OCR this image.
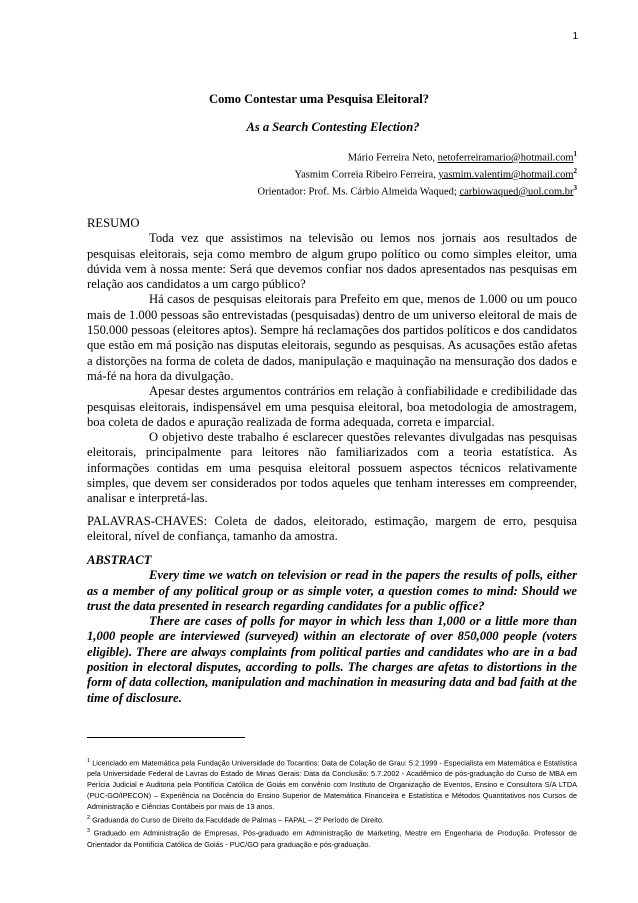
1
Como Contestar uma Pesquisa Eleitoral?
As a Search Contesting Election?
Mário Ferreira Neto, netoferreiramario@hotmail.com$^1$
Yasmim Correia Ribeiro Ferreira, yasmim.valentim@hotmail.com$^2$
Orientador: Prof. Ms. Cárbio Almeida Waqued; $carbiowaqued@uol.com.br^3$
RESUMO

Toda vez que assistimos na televisão ou lemos nos jornais aos resultados de pesquisas eleitorais, seja como membro de algum grupo político ou como simples eleitor, uma dúvida vem à nossa mente: Será que devemos confiar nos dados apresentados nas pesquisas em relação aos candidatos a um cargo público?

Há casos de pesquisas eleitorais para Prefeito em que, menos de 1.000 ou um pouco mais de 1.000 pessoas são entrevistadas (pesquisadas) dentro de um universo eleitoral de mais de 150.000 pessoas (eleitores aptos). Sempre há reclamações dos partidos políticos e dos candidatos que estão em má posição nas disputas eleitorais, segundo as pesquisas. As acusações estão afetas a distorções na forma de coleta de dados, manipulação e maquinação na mensuração dos dados e má-fé na hora da divulgação.

Apesar destes argumentos contrários em relação à confiabilidade e credibilidade das pesquisas eleitorais, indispensável em uma pesquisa eleitoral, boa metodologia de amostragem, boa coleta de dados e apuração realizada de forma adequada, correta e imparcial.

O objetivo deste trabalho é esclarecer questões relevantes divulgadas nas pesquisas eleitorais, principalmente para leitores não familiarizados com a teoria estatística. As informações contidas em uma pesquisa eleitoral possuem aspectos técnicos relativamente simples, que devem ser considerados por todos aqueles que tenham interesses em compreender, analisar e interpretá-las.

PALAVRAS-CHAVES: Coleta de dados, eleitorado, estimação, margem de erro, pesquisa eleitoral, nível de confiança, tamanho da amostra.
ABSTRACT

Every time we watch on television or read in the papers the results of polls, either as a member of any political group or as simple voter, a question comes to mind: Should we trust the data presented in research regarding candidates for a public office?

There are cases of polls for mayor in which less than 1,000 or a little more than 1,000 people are interviewed (surveyed) within an electorate of over 850,000 people (voters eligible). There are always complaints from political parties and candidates who are in a bad position in electoral disputes, according to polls. The charges are afetas to distortions in the form of data collection, manipulation and machination in measuring data and bad faith at the time of disclosure.

$^1$ Licenciado em Matemática pela Fundação Universidade do Tocantins: Data de Colação de Grau: 5.2.1999 - Especialista em Matemática e Estatística pela Universidade Federal de Lavras do Estado de Minas Gerais: Data da Conclusão: 5.7.2002 - Acadêmico de pós-graduação do Curso de MBA em Perícia Judicial e Auditoria pela Pontifícia Católica de Goiás em convênio com Instituto de Organização de Eventos, Ensino e Consultora S/A LTDA (PUC-GO/IPECON) – Experiência na Docência do Ensino Superior de Matemática Financeira e Estatística e Métodos Quantitativos nos Cursos de Administração e Ciências Contábeis por mais de 13 anos.

$^2$ Graduanda do Curso de Direito da Faculdade de Palmas – FAPAL – 2º Período de Direito.

$^3$ Graduado em Administração de Empresas, Pós-graduado em Administração de Marketing, Mestre em Engenharia de Produção. Professor de Orientador da Pontifícia Católica de Goiás - PUC/GO para graduação e pós-graduação.
